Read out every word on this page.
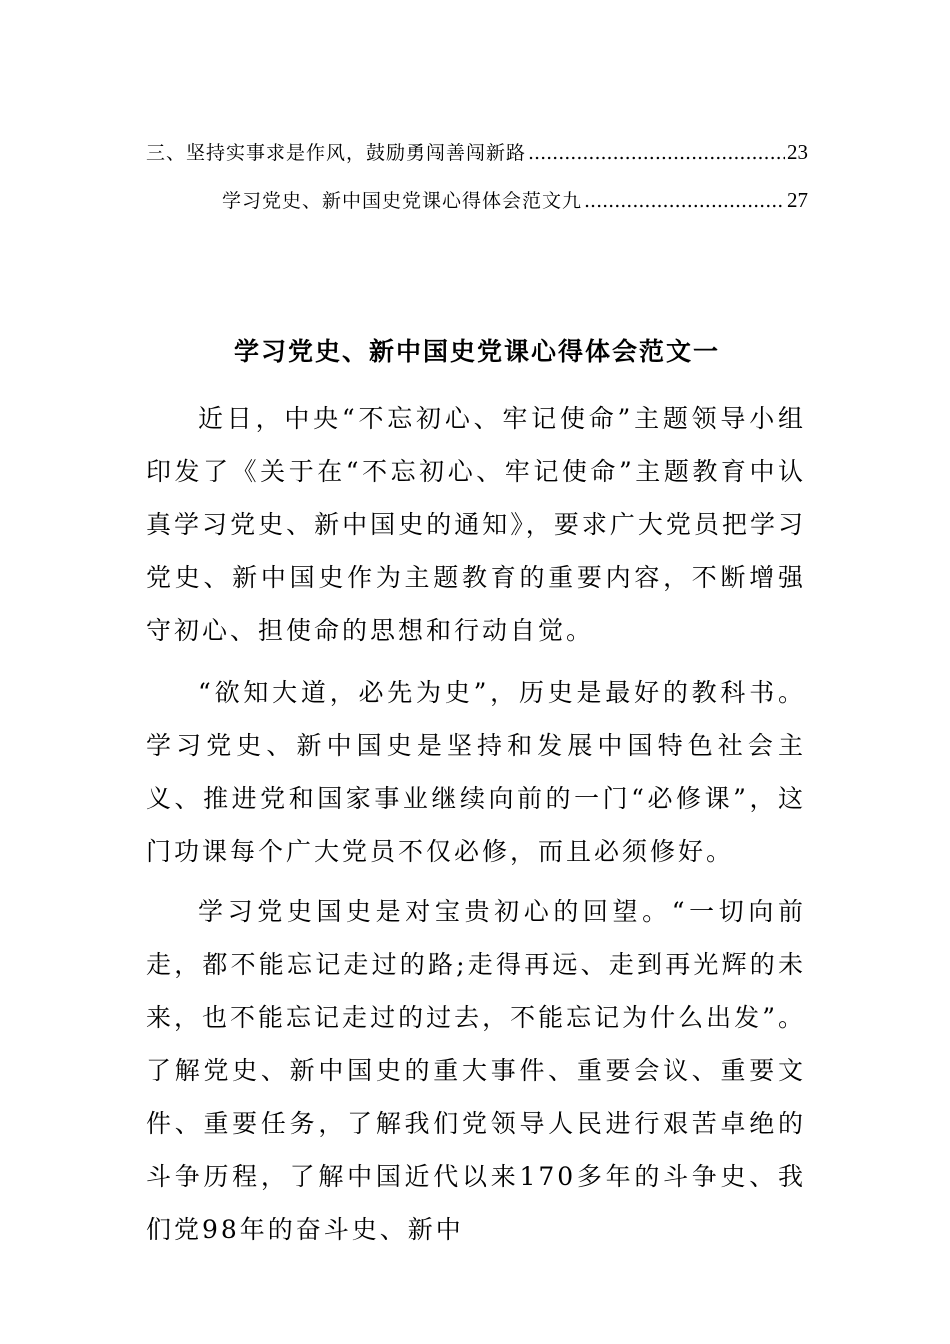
三、坚持实事求是作风，鼓励勇闯善闯新路 .....	23
学习党史、新中国史党课心得体会范文九 .....	27
学习党史、新中国史党课心得体会范文一

近日，中央“不忘初心、牢记使命”主题领导小组印发了《关于在“不忘初心、牢记使命”主题教育中认真学习党史、新中国史的通知》，要求广大党员把学习党史、新中国史作为主题教育的重要内容，不断增强守初心、担使命的思想和行动自觉。

“欲知大道，必先为史”，历史是最好的教科书。学习党史、新中国史是坚持和发展中国特色社会主义、推进党和国家事业继续向前的一门“必修课”，这门功课每个广大党员不仅必修，而且必须修好。

学习党史国史是对宝贵初心的回望。“一切向前走，都不能忘记走过的路;走得再远、走到再光辉的未来，也不能忘记走过的过去，不能忘记为什么出发”。了解党史、新中国史的重大事件、重要会议、重要文件、重要任务，了解我们党领导人民进行艰苦卓绝的斗争历程，了解中国近代以来170多年的斗争史、我们党98年的奋斗史、新中
